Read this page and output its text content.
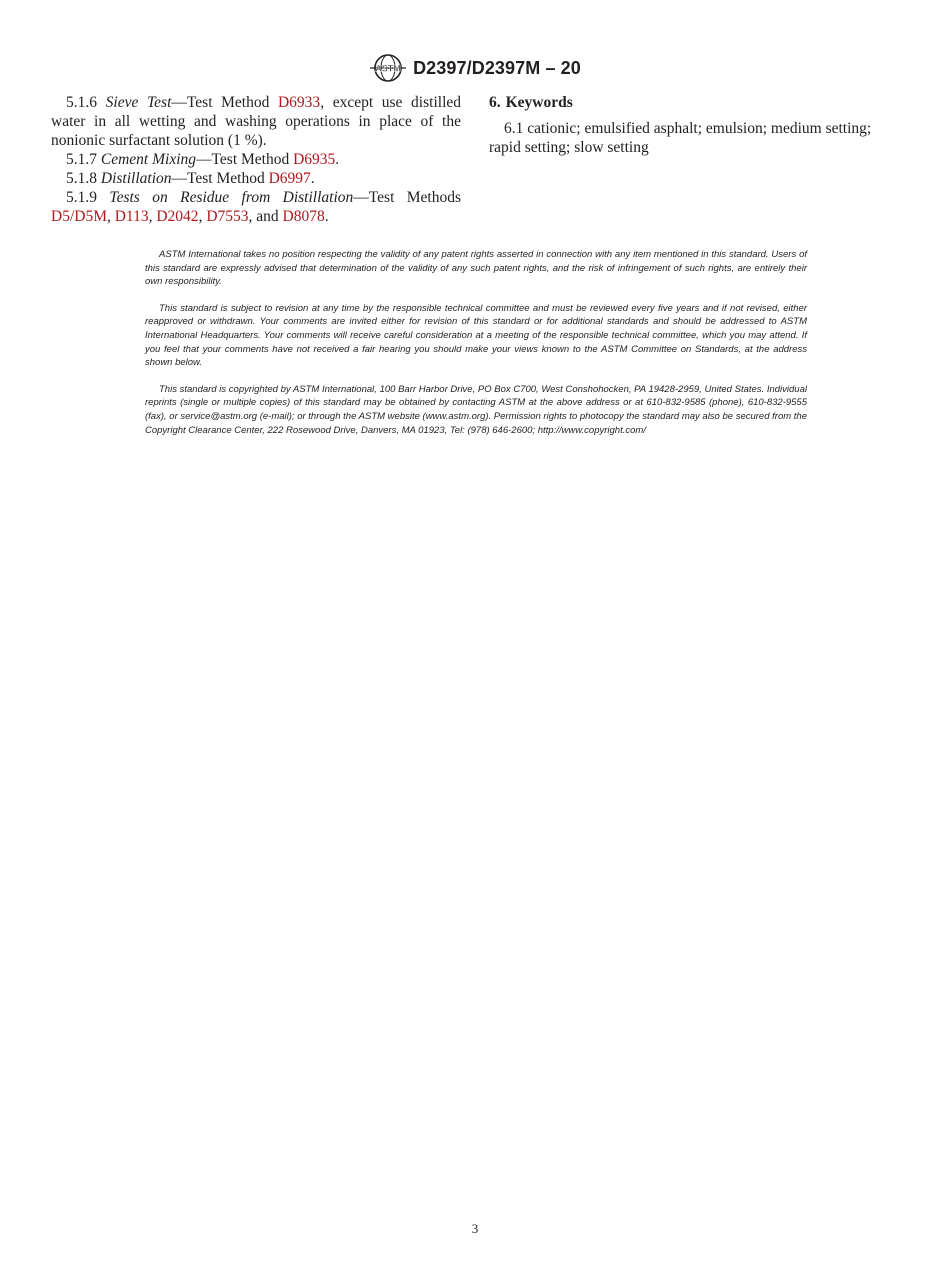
ASTM D2397/D2397M – 20

5.1.6 Sieve Test—Test Method D6933, except use distilled water in all wetting and washing operations in place of the nonionic surfactant solution (1 %).

5.1.7 Cement Mixing—Test Method D6935.

5.1.8 Distillation—Test Method D6997.

5.1.9 Tests on Residue from Distillation—Test Methods D5/D5M, D113, D2042, D7553, and D8078.

6. Keywords

6.1 cationic; emulsified asphalt; emulsion; medium setting; rapid setting; slow setting

ASTM International takes no position respecting the validity of any patent rights asserted in connection with any item mentioned in this standard. Users of this standard are expressly advised that determination of the validity of any such patent rights, and the risk of infringement of such rights, are entirely their own responsibility.

This standard is subject to revision at any time by the responsible technical committee and must be reviewed every five years and if not revised, either reapproved or withdrawn. Your comments are invited either for revision of this standard or for additional standards and should be addressed to ASTM International Headquarters. Your comments will receive careful consideration at a meeting of the responsible technical committee, which you may attend. If you feel that your comments have not received a fair hearing you should make your views known to the ASTM Committee on Standards, at the address shown below.

This standard is copyrighted by ASTM International, 100 Barr Harbor Drive, PO Box C700, West Conshohocken, PA 19428-2959, United States. Individual reprints (single or multiple copies) of this standard may be obtained by contacting ASTM at the above address or at 610-832-9585 (phone), 610-832-9555 (fax), or service@astm.org (e-mail); or through the ASTM website (www.astm.org). Permission rights to photocopy the standard may also be secured from the Copyright Clearance Center, 222 Rosewood Drive, Danvers, MA 01923, Tel: (978) 646-2600; http://www.copyright.com/

3
